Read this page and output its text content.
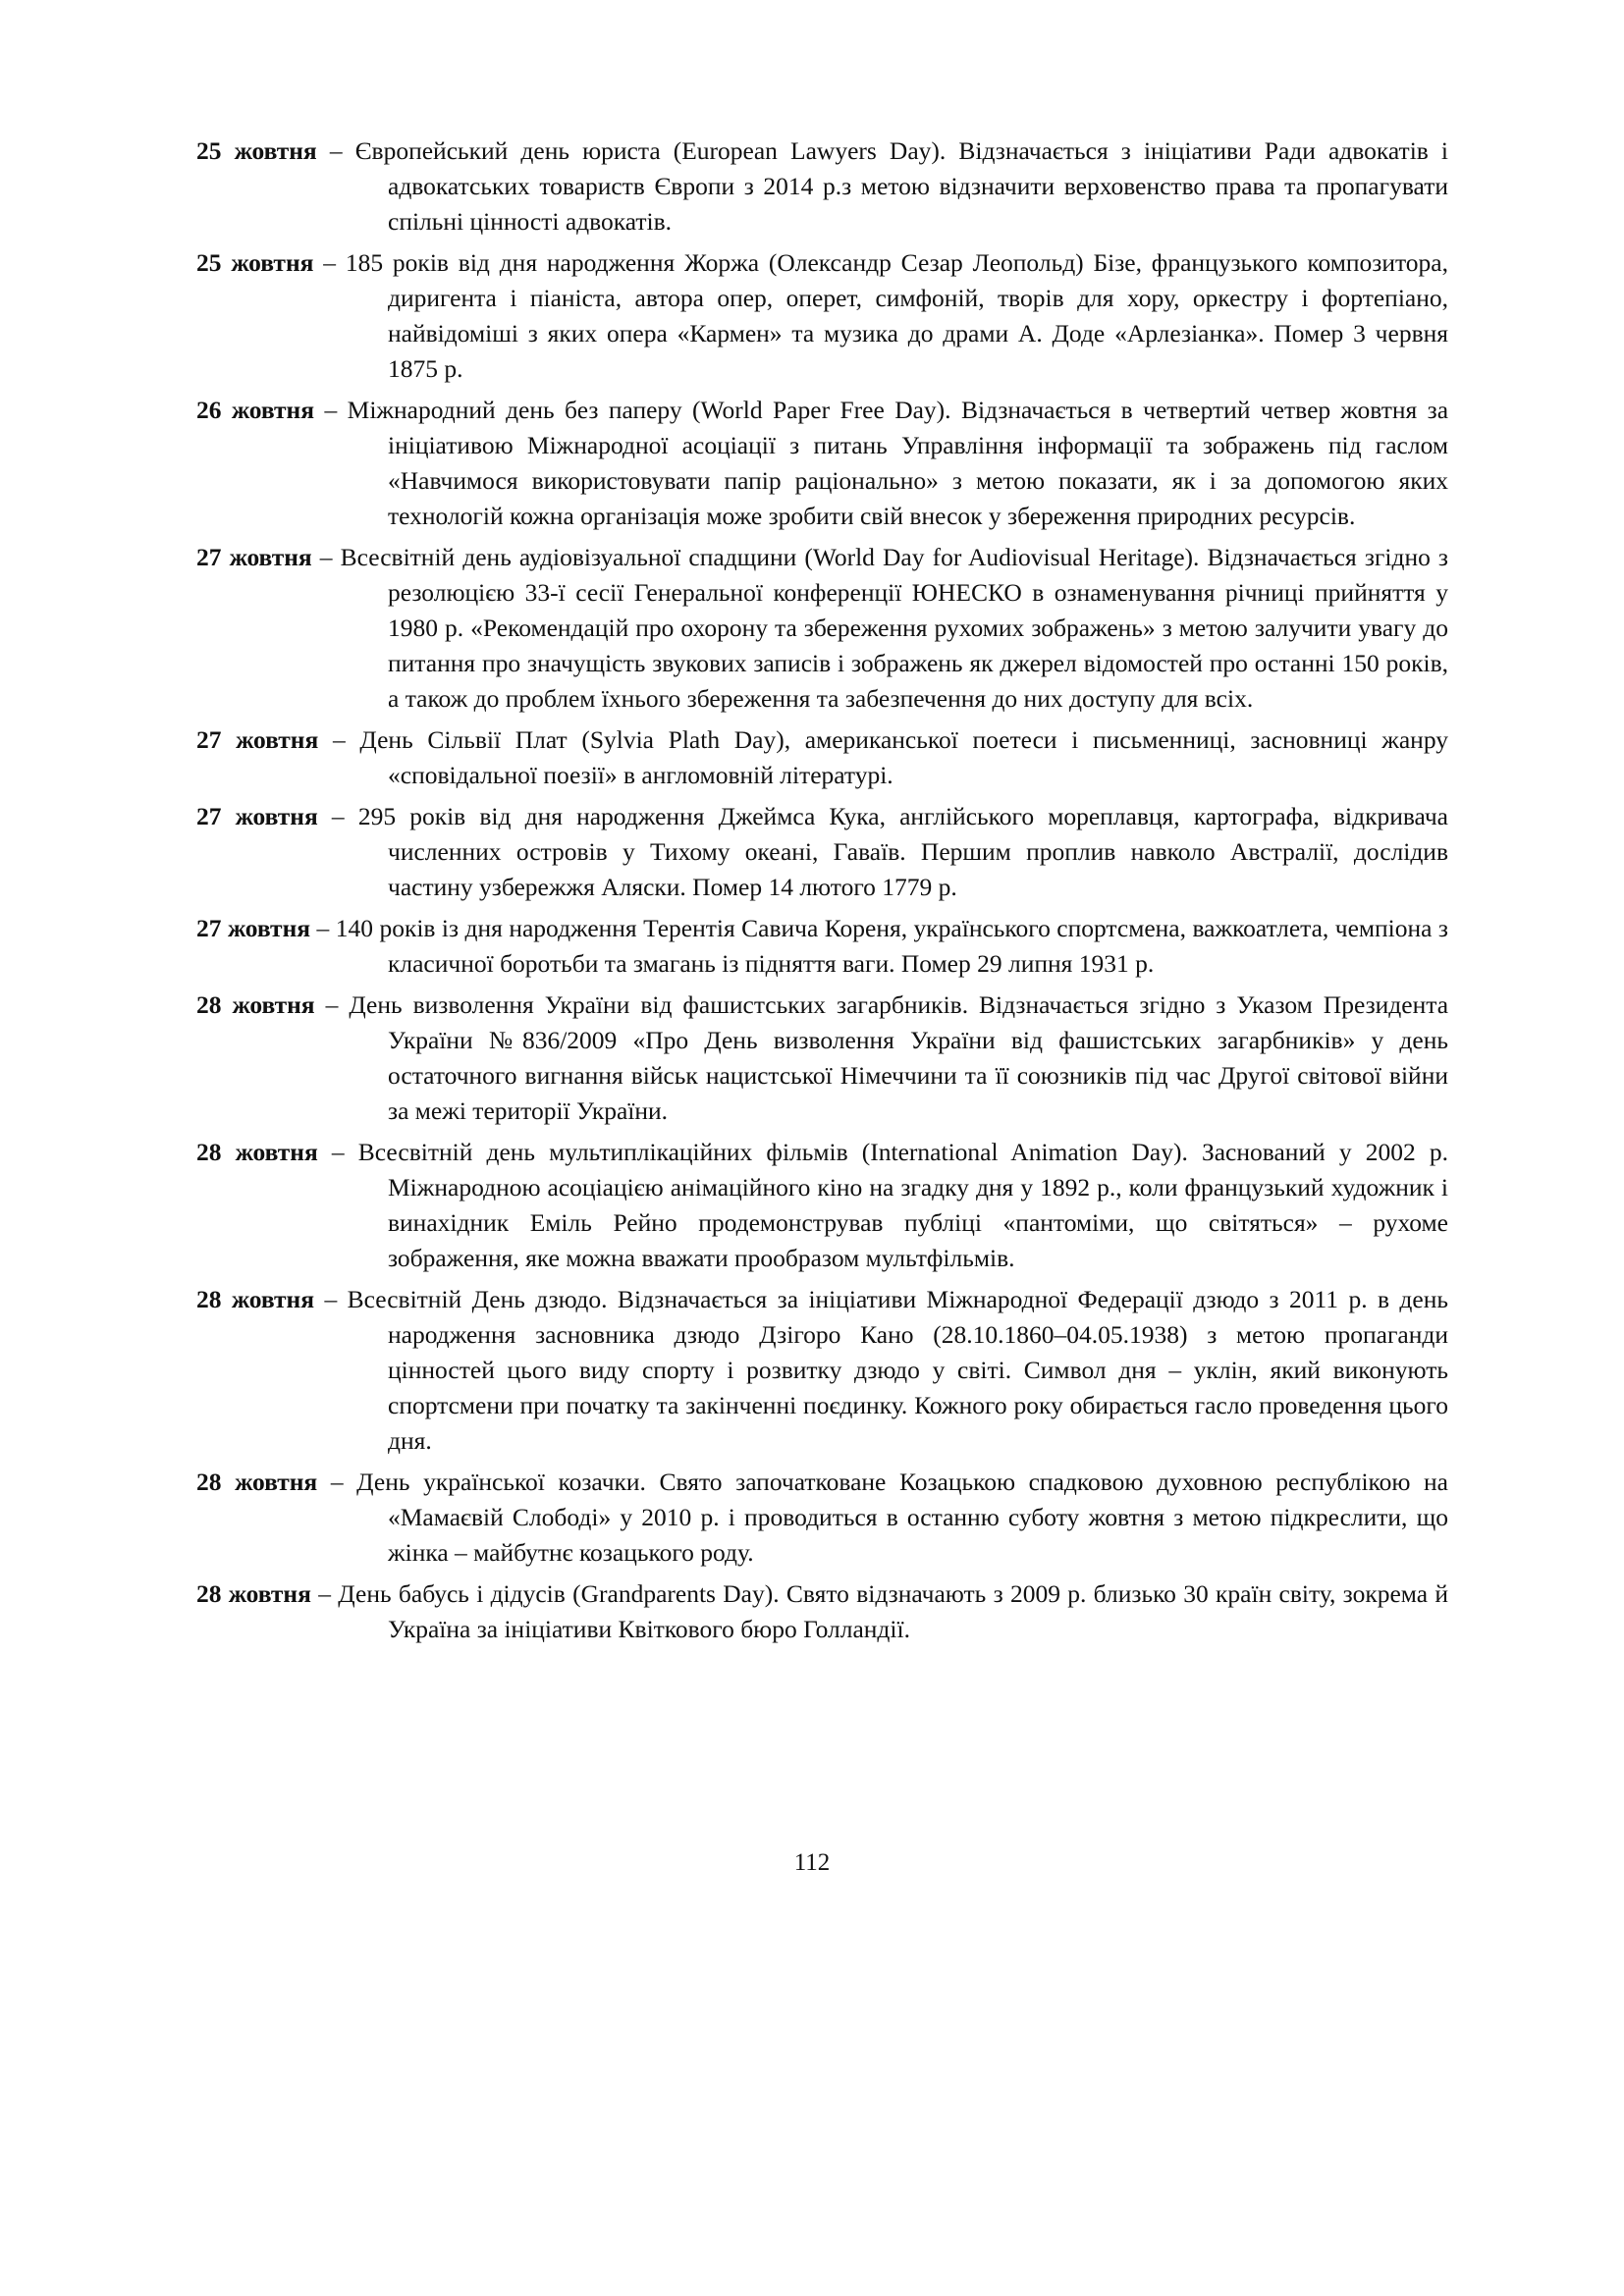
25 жовтня – Європейський день юриста (European Lawyers Day). Відзначається з ініціативи Ради адвокатів і адвокатських товариств Європи з 2014 р.з метою відзначити верховенство права та пропагувати спільні цінності адвокатів.

25 жовтня – 185 років від дня народження Жоржа (Олександр Сезар Леопольд) Бізе, французького композитора, диригента і піаніста, автора опер, оперет, симфоній, творів для хору, оркестру і фортепіано, найвідоміші з яких опера «Кармен» та музика до драми А. Доде «Арлезіанка». Помер 3 червня 1875 р.

26 жовтня – Міжнародний день без паперу (World Paper Free Day). Відзначається в четвертий четвер жовтня за ініціативою Міжнародної асоціації з питань Управління інформації та зображень під гаслом «Навчимося використовувати папір раціонально» з метою показати, як і за допомогою яких технологій кожна організація може зробити свій внесок у збереження природних ресурсів.

27 жовтня – Всесвітній день аудіовізуальної спадщини (World Day for Audiovisual Heritage). Відзначається згідно з резолюцією 33-ї сесії Генеральної конференції ЮНЕСКО в ознаменування річниці прийняття у 1980 р. «Рекомендацій про охорону та збереження рухомих зображень» з метою залучити увагу до питання про значущість звукових записів і зображень як джерел відомостей про останні 150 років, а також до проблем їхнього збереження та забезпечення до них доступу для всіх.

27 жовтня – День Сільвії Плат (Sylvia Plath Day), американської поетеси і письменниці, засновниці жанру «сповідальної поезії» в англомовній літературі.

27 жовтня – 295 років від дня народження Джеймса Кука, англійського мореплавця, картографа, відкривача численних островів у Тихому океані, Гаваїв. Першим проплив навколо Австралії, дослідив частину узбережжя Аляски. Помер 14 лютого 1779 р.

27 жовтня – 140 років із дня народження Терентія Савича Кореня, українського спортсмена, важкоатлета, чемпіона з класичної боротьби та змагань із підняття ваги. Помер 29 липня 1931 р.

28 жовтня – День визволення України від фашистських загарбників. Відзначається згідно з Указом Президента України №836/2009 «Про День визволення України від фашистських загарбників» у день остаточного вигнання військ нацистської Німеччини та її союзників під час Другої світової війни за межі території України.

28 жовтня – Всесвітній день мультиплікаційних фільмів (International Animation Day). Заснований у 2002 р. Міжнародною асоціацією анімаційного кіно на згадку дня у 1892 р., коли французький художник і винахідник Еміль Рейно продемонстрував публіці «пантоміми, що світяться» – рухоме зображення, яке можна вважати прообразом мультфільмів.

28 жовтня – Всесвітній День дзюдо. Відзначається за ініціативи Міжнародної Федерації дзюдо з 2011 р. в день народження засновника дзюдо Дзігоро Кано (28.10.1860–04.05.1938) з метою пропаганди цінностей цього виду спорту і розвитку дзюдо у світі. Символ дня – уклін, який виконують спортсмени при початку та закінченні поєдинку. Кожного року обирається гасло проведення цього дня.

28 жовтня – День української козачки. Свято започатковане Козацькою спадковою духовною республікою на «Мамаєвій Слободі» у 2010 р. і проводиться в останню суботу жовтня з метою підкреслити, що жінка – майбутнє козацького роду.

28 жовтня – День бабусь і дідусів (Grandparents Day). Свято відзначають з 2009 р. близько 30 країн світу, зокрема й Україна за ініціативи Квіткового бюро Голландії.

112
